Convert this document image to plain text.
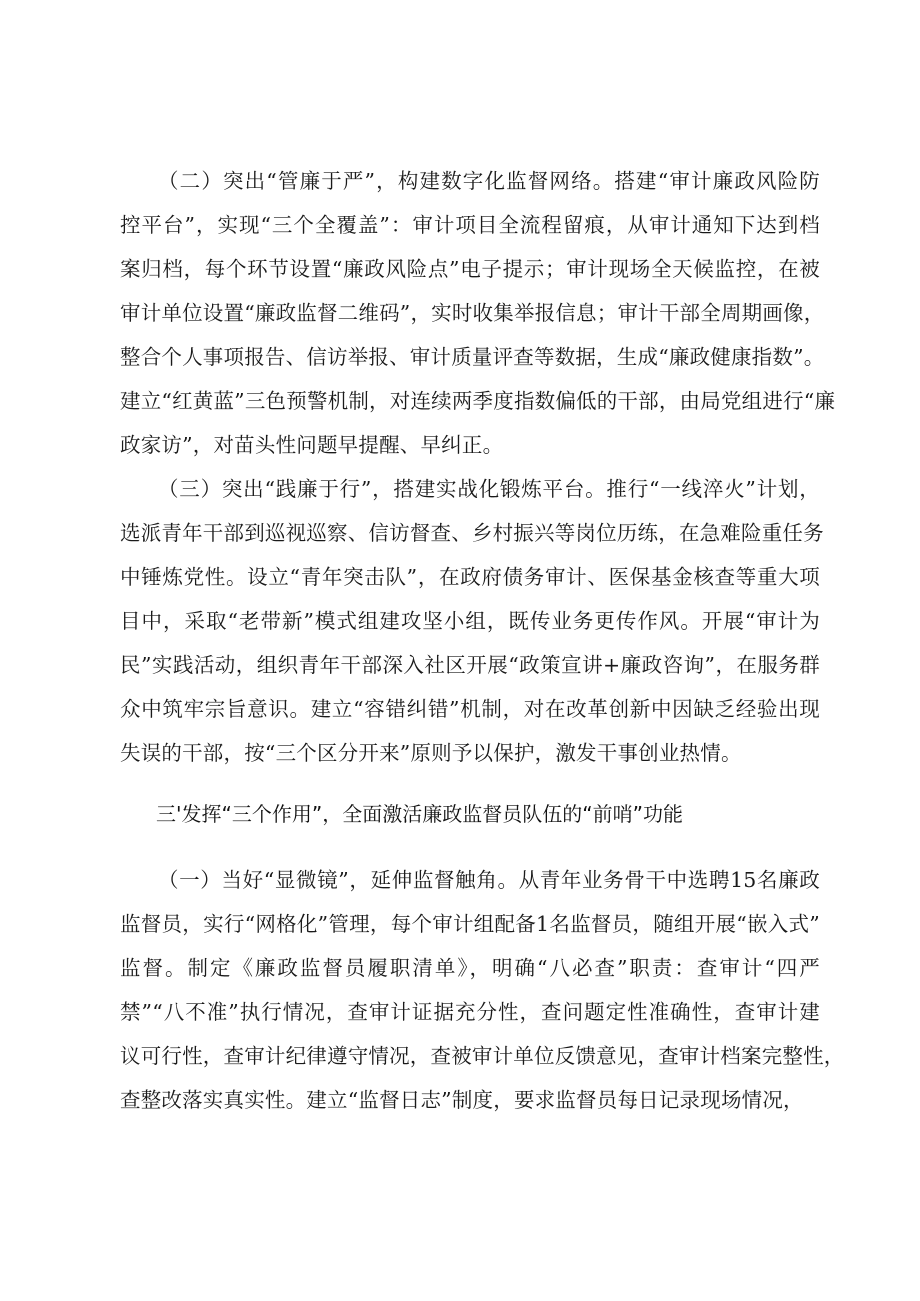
（二）突出“管廉于严”，构建数字化监督网络。搭建“审计廉政风险防
控平台”，实现“三个全覆盖”：审计项目全流程留痕，从审计通知下达到档
案归档，每个环节设置“廉政风险点”电子提示；审计现场全天候监控，在被
审计单位设置“廉政监督二维码”，实时收集举报信息；审计干部全周期画像，
整合个人事项报告、信访举报、审计质量评查等数据，生成“廉政健康指数”。
建立“红黄蓝”三色预警机制，对连续两季度指数偏低的干部，由局党组进行“廉
政家访”，对苗头性问题早提醒、早纠正。
（三）突出“践廉于行”，搭建实战化锻炼平台。推行“一线淬火”计划，
选派青年干部到巡视巡察、信访督查、乡村振兴等岗位历练，在急难险重任务
中锤炼党性。设立“青年突击队”，在政府债务审计、医保基金核查等重大项
目中，采取“老带新”模式组建攻坚小组，既传业务更传作风。开展“审计为
民”实践活动，组织青年干部深入社区开展“政策宣讲+廉政咨询”，在服务群
众中筑牢宗旨意识。建立“容错纠错”机制，对在改革创新中因缺乏经验出现
失误的干部，按“三个区分开来”原则予以保护，激发干事创业热情。

三'发挥“三个作用”，全面激活廉政监督员队伍的“前哨”功能

（一）当好“显微镜”，延伸监督触角。从青年业务骨干中选聘15名廉政
监督员，实行“网格化”管理，每个审计组配备1名监督员，随组开展“嵌入式”
监督。制定《廉政监督员履职清单》，明确“八必查”职责：查审计“四严
禁”“八不准”执行情况，查审计证据充分性，查问题定性准确性，查审计建
议可行性，查审计纪律遵守情况，查被审计单位反馈意见，查审计档案完整性，
查整改落实真实性。建立“监督日志”制度，要求监督员每日记录现场情况，
